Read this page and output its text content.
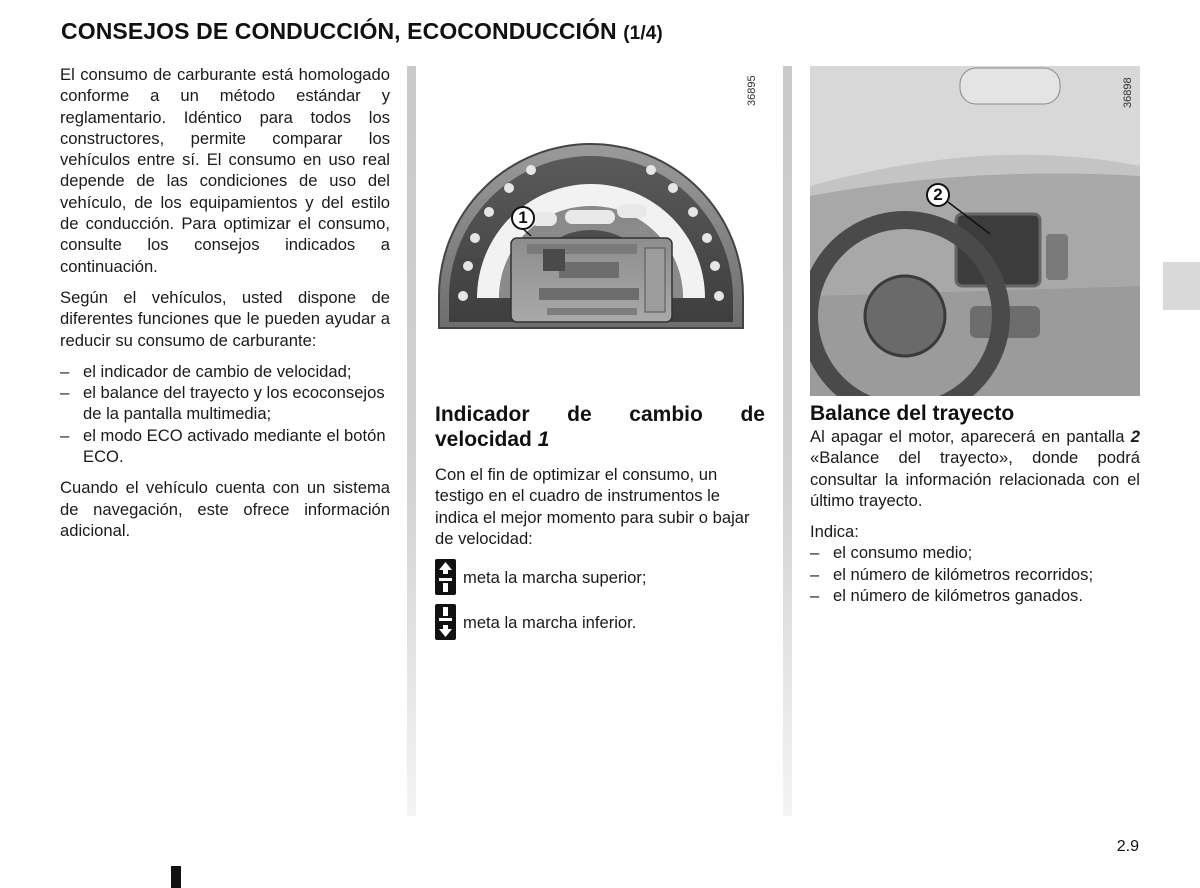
CONSEJOS DE CONDUCCIÓN, ECOCONDUCCIÓN (1/4)

El consumo de carburante está homologado conforme a un método estándar y reglamentario. Idéntico para todos los constructores, permite comparar los vehículos entre sí. El consumo en uso real depende de las condiciones de uso del vehículo, de los equipamientos y del estilo de conducción. Para optimizar el consumo, consulte los consejos indicados a continuación.

Según el vehículos, usted dispone de diferentes funciones que le pueden ayudar a reducir su consumo de carburante:

– el indicador de cambio de velocidad;
– el balance del trayecto y los ecoconsejos de la pantalla multimedia;
– el modo ECO activado mediante el botón ECO.

Cuando el vehículo cuenta con un sistema de navegación, este ofrece información adicional.

1
36895
2
36898
Indicador de cambio de velocidad 1

Con el fin de optimizar el consumo, un testigo en el cuadro de instrumentos le indica el mejor momento para subir o bajar de velocidad:

meta la marcha superior;
meta la marcha inferior.
Balance del trayecto

Al apagar el motor, aparecerá en pantalla 2 «Balance del trayecto», donde podrá consultar la información relacionada con el último trayecto.

Indica:
– el consumo medio;
– el número de kilómetros recorridos;
– el número de kilómetros ganados.
2.9
